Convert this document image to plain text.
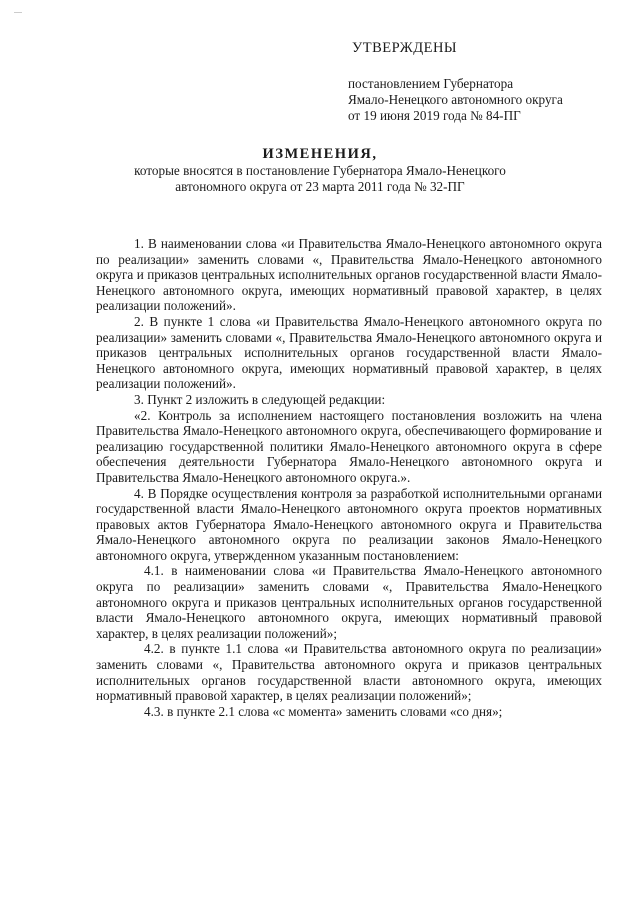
УТВЕРЖДЕНЫ
постановлением Губернатора
Ямало-Ненецкого автономного округа
от 19 июня 2019 года № 84-ПГ
ИЗМЕНЕНИЯ,
которые вносятся в постановление Губернатора Ямало-Ненецкого автономного округа от 23 марта 2011 года № 32-ПГ

1. В наименовании слова «и Правительства Ямало-Ненецкого автономного округа по реализации» заменить словами «, Правительства Ямало-Ненецкого автономного округа и приказов центральных исполнительных органов государственной власти Ямало-Ненецкого автономного округа, имеющих нормативный правовой характер, в целях реализации положений».

2. В пункте 1 слова «и Правительства Ямало-Ненецкого автономного округа по реализации» заменить словами «, Правительства Ямало-Ненецкого автономного округа и приказов центральных исполнительных органов государственной власти Ямало-Ненецкого автономного округа, имеющих нормативный правовой характер, в целях реализации положений».

3. Пункт 2 изложить в следующей редакции:

«2. Контроль за исполнением настоящего постановления возложить на члена Правительства Ямало-Ненецкого автономного округа, обеспечивающего формирование и реализацию государственной политики Ямало-Ненецкого автономного округа в сфере обеспечения деятельности Губернатора Ямало-Ненецкого автономного округа и Правительства Ямало-Ненецкого автономного округа.».

4. В Порядке осуществления контроля за разработкой исполнительными органами государственной власти Ямало-Ненецкого автономного округа проектов нормативных правовых актов Губернатора Ямало-Ненецкого автономного округа и Правительства Ямало-Ненецкого автономного округа по реализации законов Ямало-Ненецкого автономного округа, утвержденном указанным постановлением:

4.1. в наименовании слова «и Правительства Ямало-Ненецкого автономного округа по реализации» заменить словами «, Правительства Ямало-Ненецкого автономного округа и приказов центральных исполнительных органов государственной власти Ямало-Ненецкого автономного округа, имеющих нормативный правовой характер, в целях реализации положений»;

4.2. в пункте 1.1 слова «и Правительства автономного округа по реализации» заменить словами «, Правительства автономного округа и приказов центральных исполнительных органов государственной власти автономного округа, имеющих нормативный правовой характер, в целях реализации положений»;

4.3. в пункте 2.1 слова «с момента» заменить словами «со дня»;
